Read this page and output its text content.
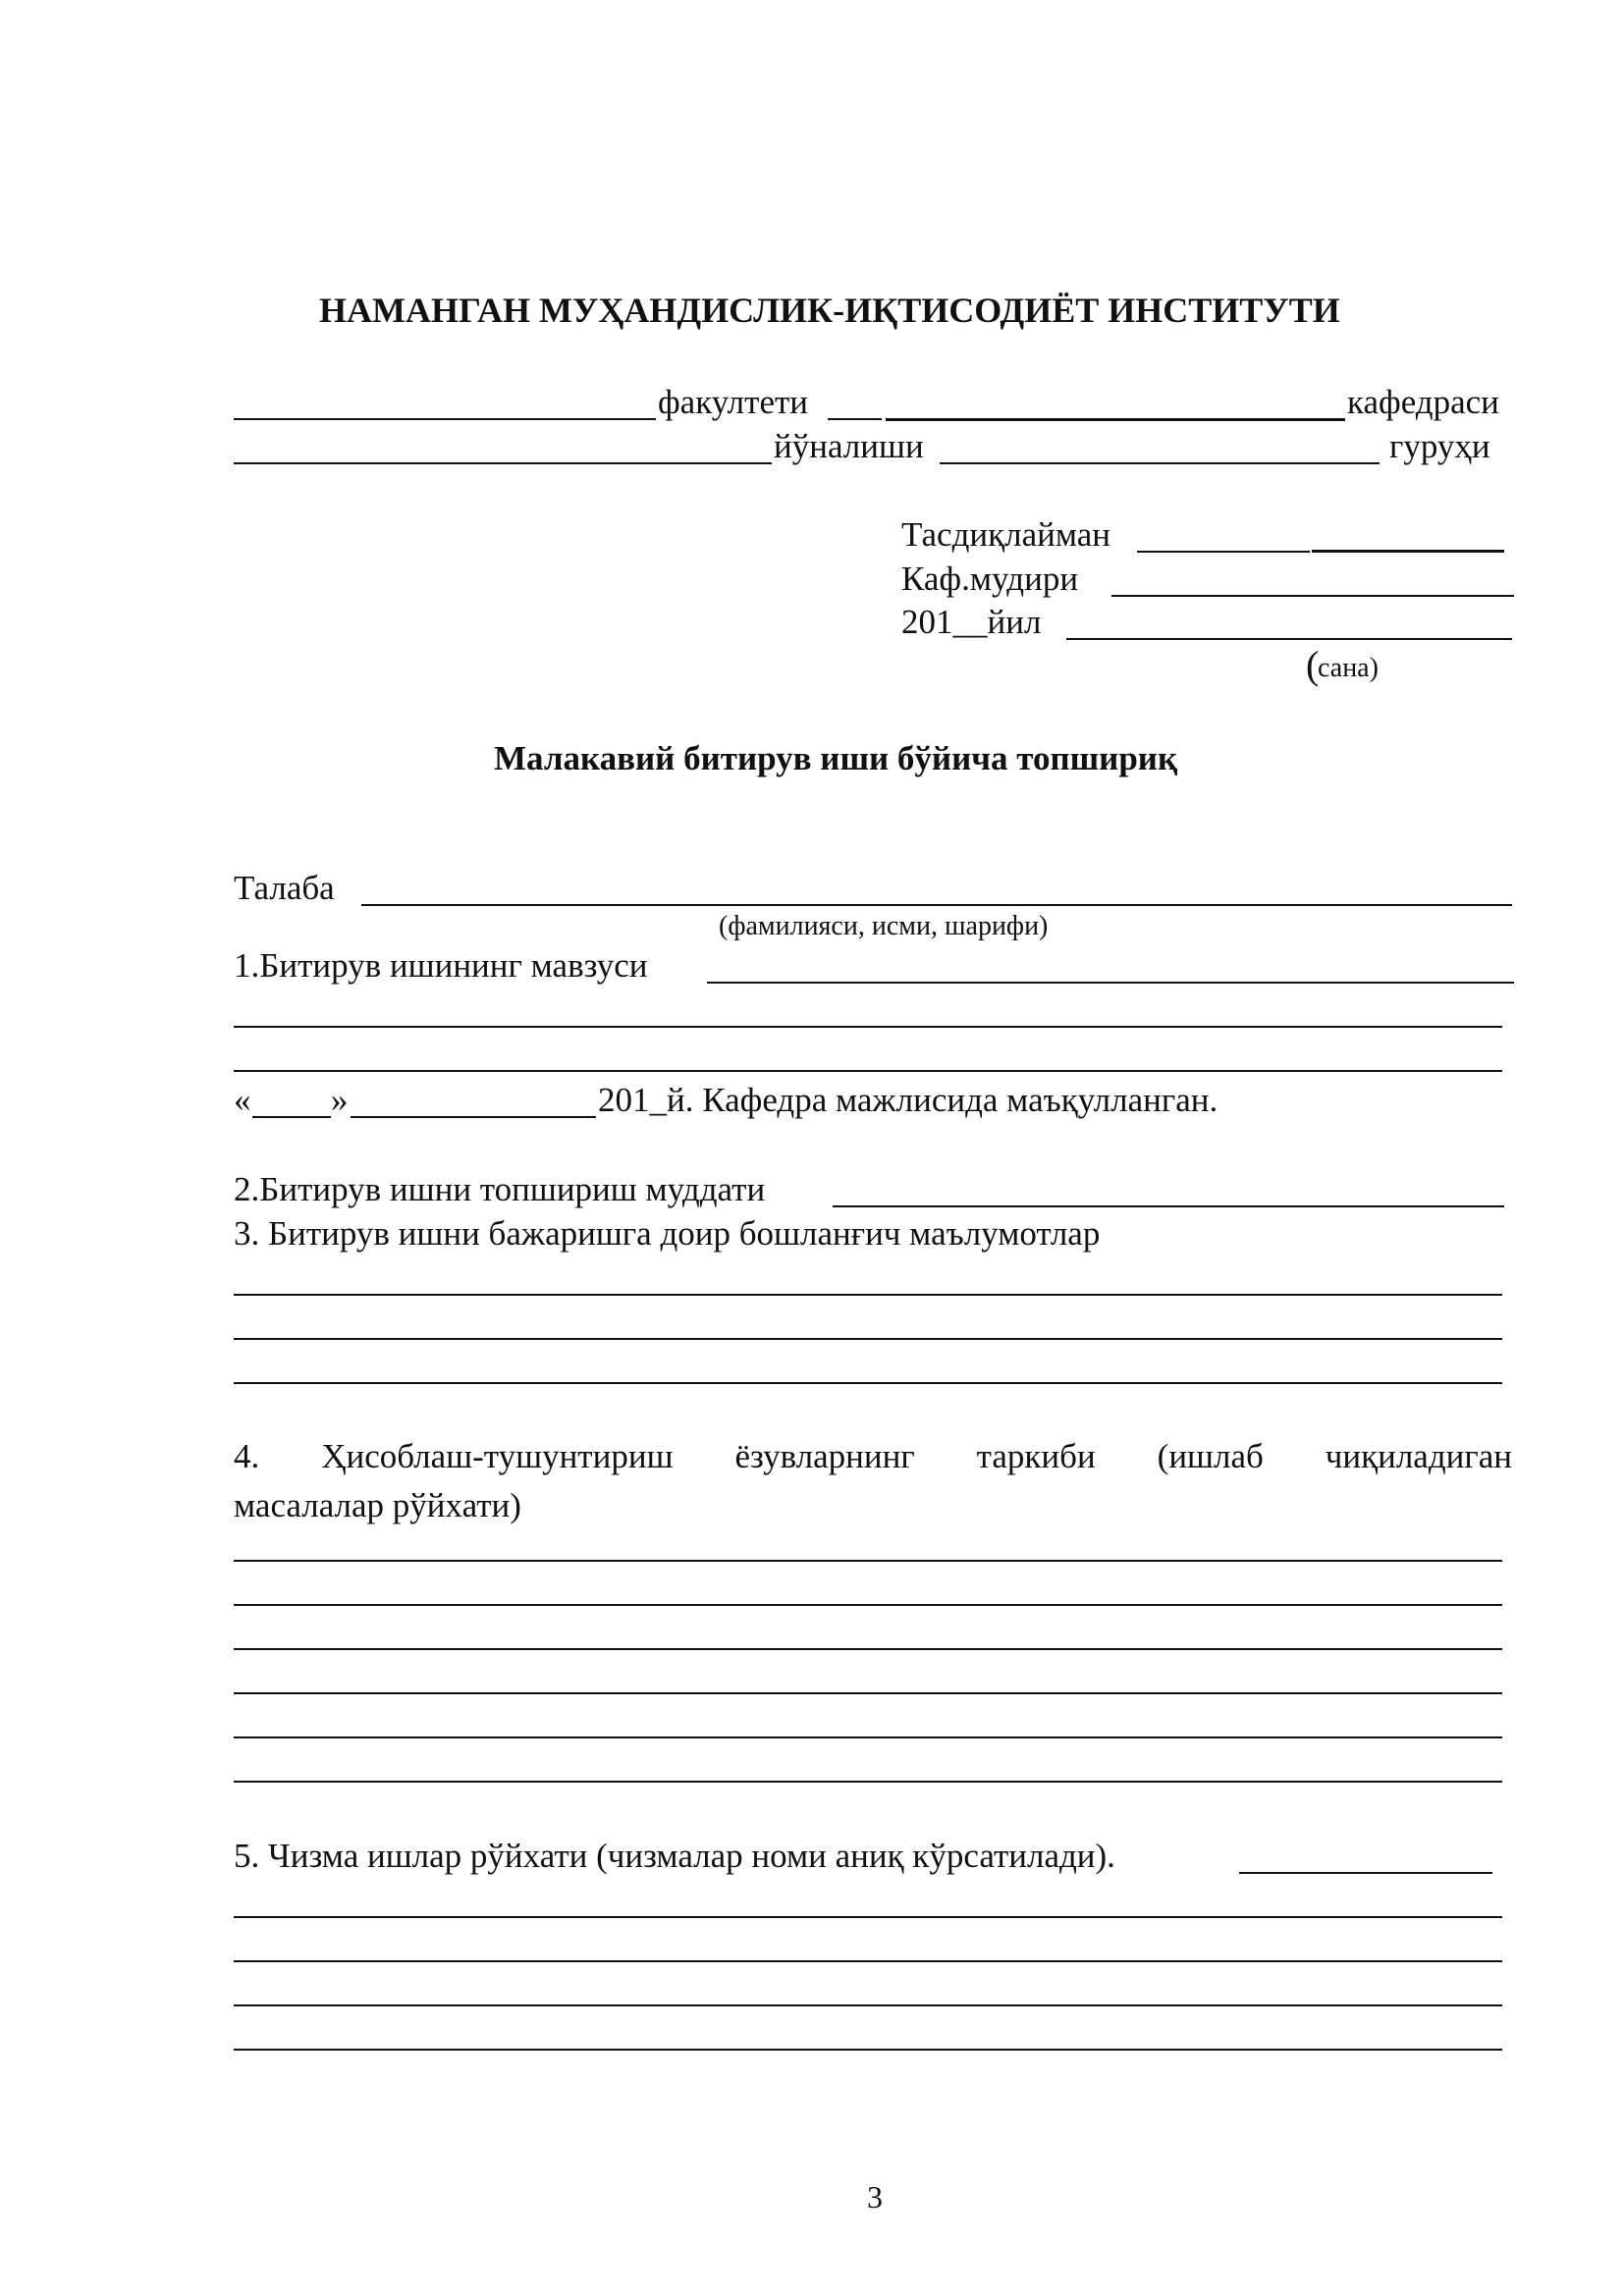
НАМАНГАН МУҲАНДИСЛИК-ИҚТИСОДИЁТ ИНСТИТУТИ
факултети	кафедраси
йўналиши	гуруҳи
Тасдиқлайман
Каф.мудири
201__йил
(
сана)
Малакавий битирув иши бўйича топшириқ
Талаба
(фамилияси, исми, шарифи)
1.Битирув ишининг мавзуси
« »	201_й. Кафедра мажлисида маъқулланган.
2.Битирув ишни топшириш муддати
3. Битирув ишни бажаришга доир бошланғич маълумотлар
4. Ҳисоблаш-тушунтириш ёзувларнинг таркиби (ишлаб чиқиладиган
масалалар рўйхати)
5. Чизма ишлар рўйхати (чизмалар номи аниқ кўрсатилади).
3
